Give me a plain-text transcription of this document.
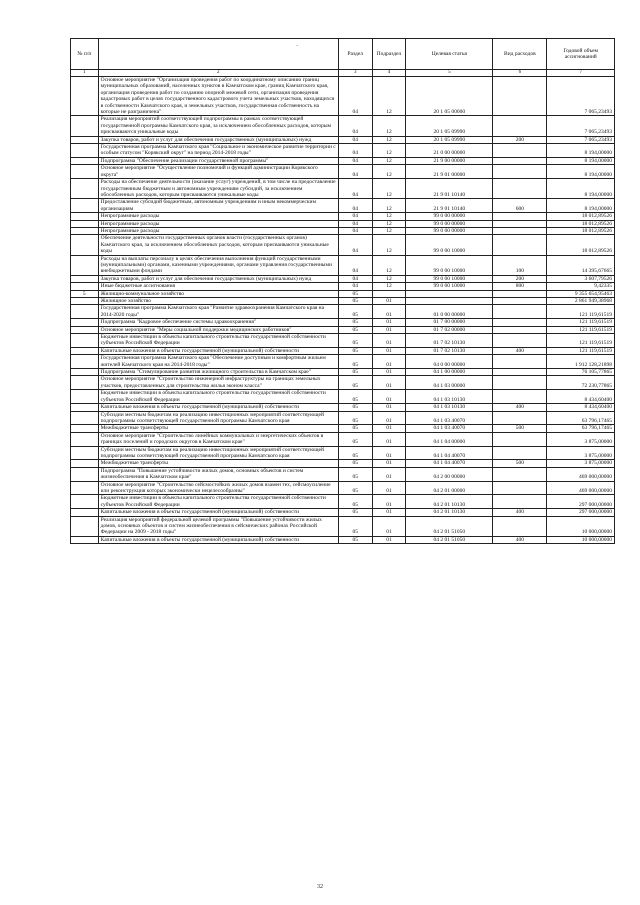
`
№ п/п		Раздел	Подраздел	Целевая статья	Вид расходов	Годовой объем ассигнований
1	2	3	4	5	6	7
	Основное мероприятие "Организация проведения работ по координатному описанию границ муниципальных образований, населенных пунктов в Камчатском крае, границ Камчатского края, организация проведения работ по созданию опорной межевой сети, организация проведения кадастровых работ в целях государственного кадастрового учета земельных участков, находящихся в собственности Камчатского края, и земельных участков, государственная собственность на которые не разграничена"	04	12	20 1 05 00000		7 065,23493
	Реализация мероприятий соответствующей подпрограммы в рамках соответствующей государственной программы Камчатского края, за исключением обособленных расходов, которым присваиваются уникальные коды	04	12	20 1 05 09990		7 065,23493
	Закупка товаров, работ и услуг для обеспечения государственных (муниципальных) нужд	04	12	20 1 05 09990	200	7 065,23493
	Государственная программа Камчатского края "Социальное и экономическое развитие территории с особым статусом "Корякский округ" на период 2014-2018 годы"	04	12	21 0 00 00000		8 194,00000
	Подпрограмма "Обеспечение реализации государственной программы"	04	12	21 9 00 00000		8 194,00000
	Основное мероприятие "Осуществление полномочий и функций администрации Корякского округа"	04	12	21 9 01 00000		8 194,00000
	Расходы на обеспечение деятельности (оказание услуг) учреждений, в том числе на предоставление государственным бюджетным и автономным учреждениям субсидий, за исключением обособленных расходов, которым присваиваются уникальные коды	04	12	21 9 01 10140		8 194,00000
	Предоставление субсидий бюджетным, автономным учреждениям и иным некоммерческим организациям	04	12	21 9 01 10140	600	8 194,00000
	Непрограммные расходы	04	12	99 0 00 00000		18 012,89526
	Непрограммные расходы	04	12	99 0 00 00000		18 012,89526
	Непрограммные расходы	04	12	99 0 00 00000		18 012,89526
	Обеспечение деятельности государственных органов власти (государственных органов) Камчатского края, за исключением обособленных расходов, которым присваиваются уникальные коды	04	12	99 0 00 10000		18 012,89526
	Расходы на выплаты персоналу в целях обеспечения выполнения функций государственными (муниципальными) органами, казенными учреждениями, органами управления государственными внебюджетными фондами	04	12	99 0 00 10000	100	14 395,67665
	Закупка товаров, работ и услуг для обеспечения государственных (муниципальных) нужд	04	12	99 0 00 10000	200	3 607,79526
	Иные бюджетные ассигнования	04	12	99 0 00 10000	800	9,42335
5	Жилищно-коммунальное хозяйство	05				9 355 654,95463
	Жилищное хозяйство	05	01			2 861 949,38968
	Государственная программа Камчатского края "Развитие здравоохранения Камчатского края на 2014-2020 годы"	05	01	01 0 00 00000		121 119,61519
	Подпрограмма "Кадровое обеспечение системы здравоохранения"	05	01	01 7 00 00000		121 119,61519
	Основное мероприятие "Меры социальной поддержки медицинских работников"	05	01	01 7 02 00000		121 119,61519
	Бюджетные инвестиции в объекты капитального строительства государственной собственности субъектов Российской Федерации	05	01	01 7 02 10130		121 119,61519
	Капитальные вложения в объекты государственной (муниципальной) собственности	05	01	01 7 02 10130	400	121 119,61519
	Государственная программа Камчатского края "Обеспечение доступным и комфортным жильем жителей Камчатского края на 2014-2018 годы"	05	01	04 0 00 00000		1 912 128,21898
	Подпрограмма "Стимулирование развития жилищного строительства в Камчатском крае"	05	01	04 1 00 00000		76 105,77865
	Основное мероприятие "Строительство инженерной инфраструктуры на границах земельных участков, предоставленных для строительства жилья эконом класса"	05	01	04 1 03 00000		72 230,77865
	Бюджетные инвестиции в объекты капитального строительства государственной собственности субъектов Российской Федерации	05	01	04 1 03 10130		8 434,60400
	Капитальные вложения в объекты государственной (муниципальной) собственности	05	01	04 1 03 10130	400	8 434,60400
	Субсидии местным бюджетам на реализацию инвестиционных мероприятий соответствующей подпрограммы соответствующей государственной программы Камчатского края	05	01	04 1 03 40070		63 796,17465
	Межбюджетные трансферты	05	01	04 1 03 40070	500	63 796,17465
	Основное мероприятие "Строительство линейных коммунальных и энергетических объектов в границах поселений и городских округов в Камчатском крае"	05	01	04 1 04 00000		3 875,00000
	Субсидии местным бюджетам на реализацию инвестиционных мероприятий соответствующей подпрограммы соответствующей государственной программы Камчатского края	05	01	04 1 04 40070		3 875,00000
	Межбюджетные трансферты	05	01	04 1 04 40070	500	3 875,00000
	Подпрограмма "Повышение устойчивости жилых домов, основных объектов и систем жизнеобеспечения в Камчатском крае"	05	01	04 2 00 00000		469 000,00000
	Основное мероприятие "Строительство сейсмостойких жилых домов взамен тех, сейсмоусиление или реконструкция которых экономически нецелесообразны"	05	01	04 2 01 00000		469 000,00000
	Бюджетные инвестиции в объекты капитального строительства государственной собственности субъектов Российской Федерации	05	01	04 2 01 10130		297 000,00000
	Капитальные вложения в объекты государственной (муниципальной) собственности	05	01	04 2 01 10130	400	297 000,00000
	Реализация мероприятий федеральной целевой программы "Повышение устойчивости жилых домов, основных объектов и систем жизнеобеспечения в сейсмических районах Российской Федерации на 2009 - 2018 годы"	05	01	04 2 01 51050		10 000,00000
	Капитальные вложения в объекты государственной (муниципальной) собственности	05	01	04 2 01 51050	400	10 000,00000
32
